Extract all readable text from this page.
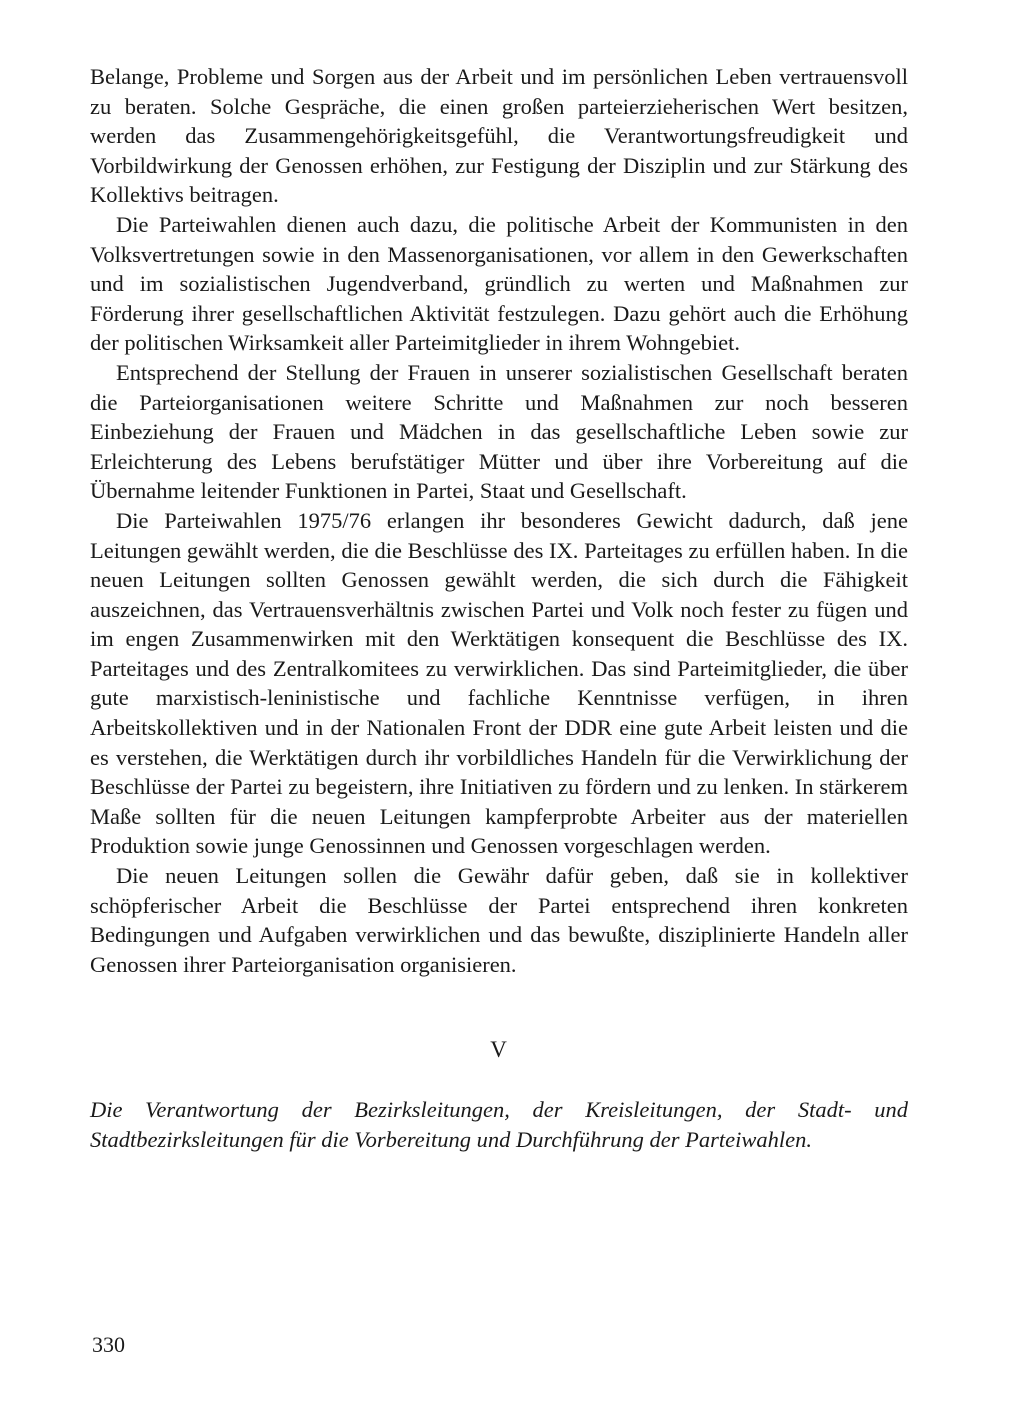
Belange, Probleme und Sorgen aus der Arbeit und im persönlichen Leben vertrauensvoll zu beraten. Solche Gespräche, die einen großen parteierzieherischen Wert besitzen, werden das Zusammengehörigkeitsgefühl, die Verantwortungsfreudigkeit und Vorbildwirkung der Genossen erhöhen, zur Festigung der Disziplin und zur Stärkung des Kollektivs beitragen.

Die Parteiwahlen dienen auch dazu, die politische Arbeit der Kommunisten in den Volksvertretungen sowie in den Massenorganisationen, vor allem in den Gewerkschaften und im sozialistischen Jugendverband, gründlich zu werten und Maßnahmen zur Förderung ihrer gesellschaftlichen Aktivität festzulegen. Dazu gehört auch die Erhöhung der politischen Wirksamkeit aller Parteimitglieder in ihrem Wohngebiet.

Entsprechend der Stellung der Frauen in unserer sozialistischen Gesellschaft beraten die Parteiorganisationen weitere Schritte und Maßnahmen zur noch besseren Einbeziehung der Frauen und Mädchen in das gesellschaftliche Leben sowie zur Erleichterung des Lebens berufstätiger Mütter und über ihre Vorbereitung auf die Übernahme leitender Funktionen in Partei, Staat und Gesellschaft.

Die Parteiwahlen 1975/76 erlangen ihr besonderes Gewicht dadurch, daß jene Leitungen gewählt werden, die die Beschlüsse des IX. Parteitages zu erfüllen haben. In die neuen Leitungen sollten Genossen gewählt werden, die sich durch die Fähigkeit auszeichnen, das Vertrauensverhältnis zwischen Partei und Volk noch fester zu fügen und im engen Zusammenwirken mit den Werktätigen konsequent die Beschlüsse des IX. Parteitages und des Zentralkomitees zu verwirklichen. Das sind Parteimitglieder, die über gute marxistisch-leninistische und fachliche Kenntnisse verfügen, in ihren Arbeitskollektiven und in der Nationalen Front der DDR eine gute Arbeit leisten und die es verstehen, die Werktätigen durch ihr vorbildliches Handeln für die Verwirklichung der Beschlüsse der Partei zu begeistern, ihre Initiativen zu fördern und zu lenken. In stärkerem Maße sollten für die neuen Leitungen kampferprobte Arbeiter aus der materiellen Produktion sowie junge Genossinnen und Genossen vorgeschlagen werden.

Die neuen Leitungen sollen die Gewähr dafür geben, daß sie in kollektiver schöpferischer Arbeit die Beschlüsse der Partei entsprechend ihren konkreten Bedingungen und Aufgaben verwirklichen und das bewußte, disziplinierte Handeln aller Genossen ihrer Parteiorganisation organisieren.

V
Die Verantwortung der Bezirksleitungen, der Kreisleitungen, der Stadt- und Stadtbezirksleitungen für die Vorbereitung und Durchführung der Parteiwahlen.
330
